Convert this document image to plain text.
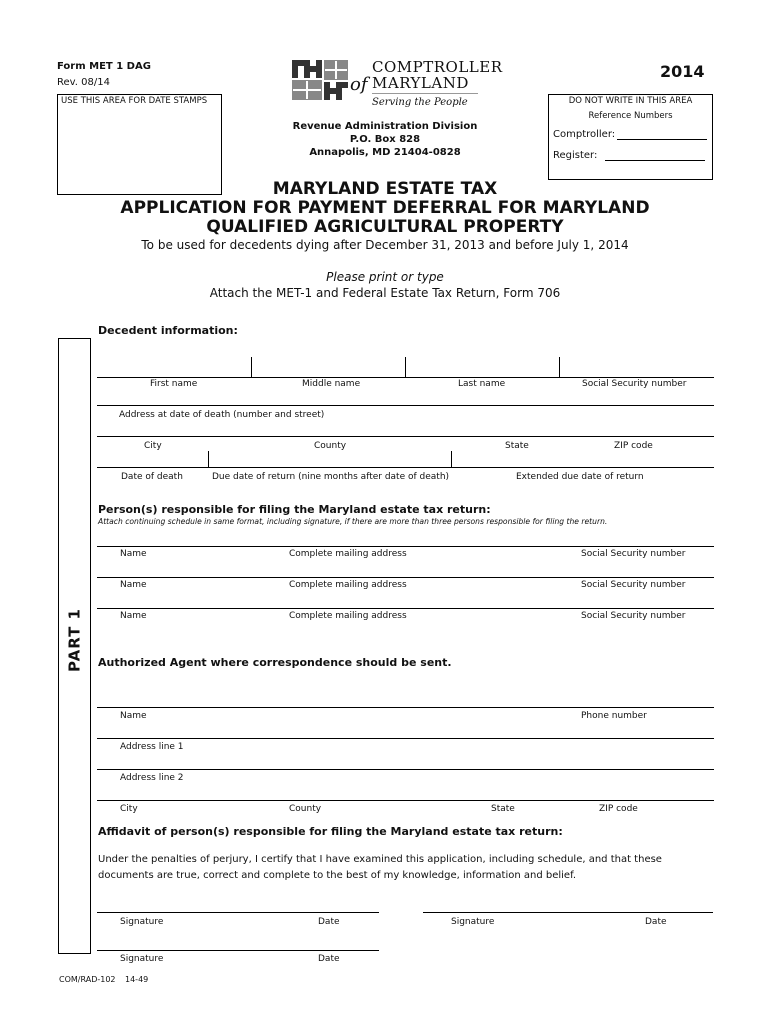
Form MET 1 DAG
Rev. 08/14
USE THIS AREA FOR DATE STAMPS
COMPTROLLER
of MARYLAND
Serving the People
2014
Revenue Administration Division
P.O. Box 828
Annapolis, MD 21404-0828
DO NOT WRITE IN THIS AREA
Reference Numbers
Comptroller:
Register:
MARYLAND ESTATE TAX
APPLICATION FOR PAYMENT DEFERRAL FOR MARYLAND
QUALIFIED AGRICULTURAL PROPERTY
To be used for decedents dying after December 31, 2013 and before July 1, 2014
Please print or type
Attach the MET-1 and Federal Estate Tax Return, Form 706
PART 1
Decedent information:
First name	Middle name	Last name	Social Security number
Address at date of death (number and street)
City	County	State	ZIP code
Date of death	Due date of return (nine months after date of death)	Extended due date of return
Person(s) responsible for filing the Maryland estate tax return:
Attach continuing schedule in same format, including signature, if there are more than three persons responsible for filing the return.
Name	Complete mailing address	Social Security number
Name	Complete mailing address	Social Security number
Name	Complete mailing address	Social Security number
Authorized Agent where correspondence should be sent.
Name	Phone number
Address line 1
Address line 2
City	County	State	ZIP code
Affidavit of person(s) responsible for filing the Maryland estate tax return:
Under the penalties of perjury, I certify that I have examined this application, including schedule, and that these
documents are true, correct and complete to the best of my knowledge, information and belief.
Signature	Date	Signature	Date
Signature	Date
COM/RAD-102 14-49
